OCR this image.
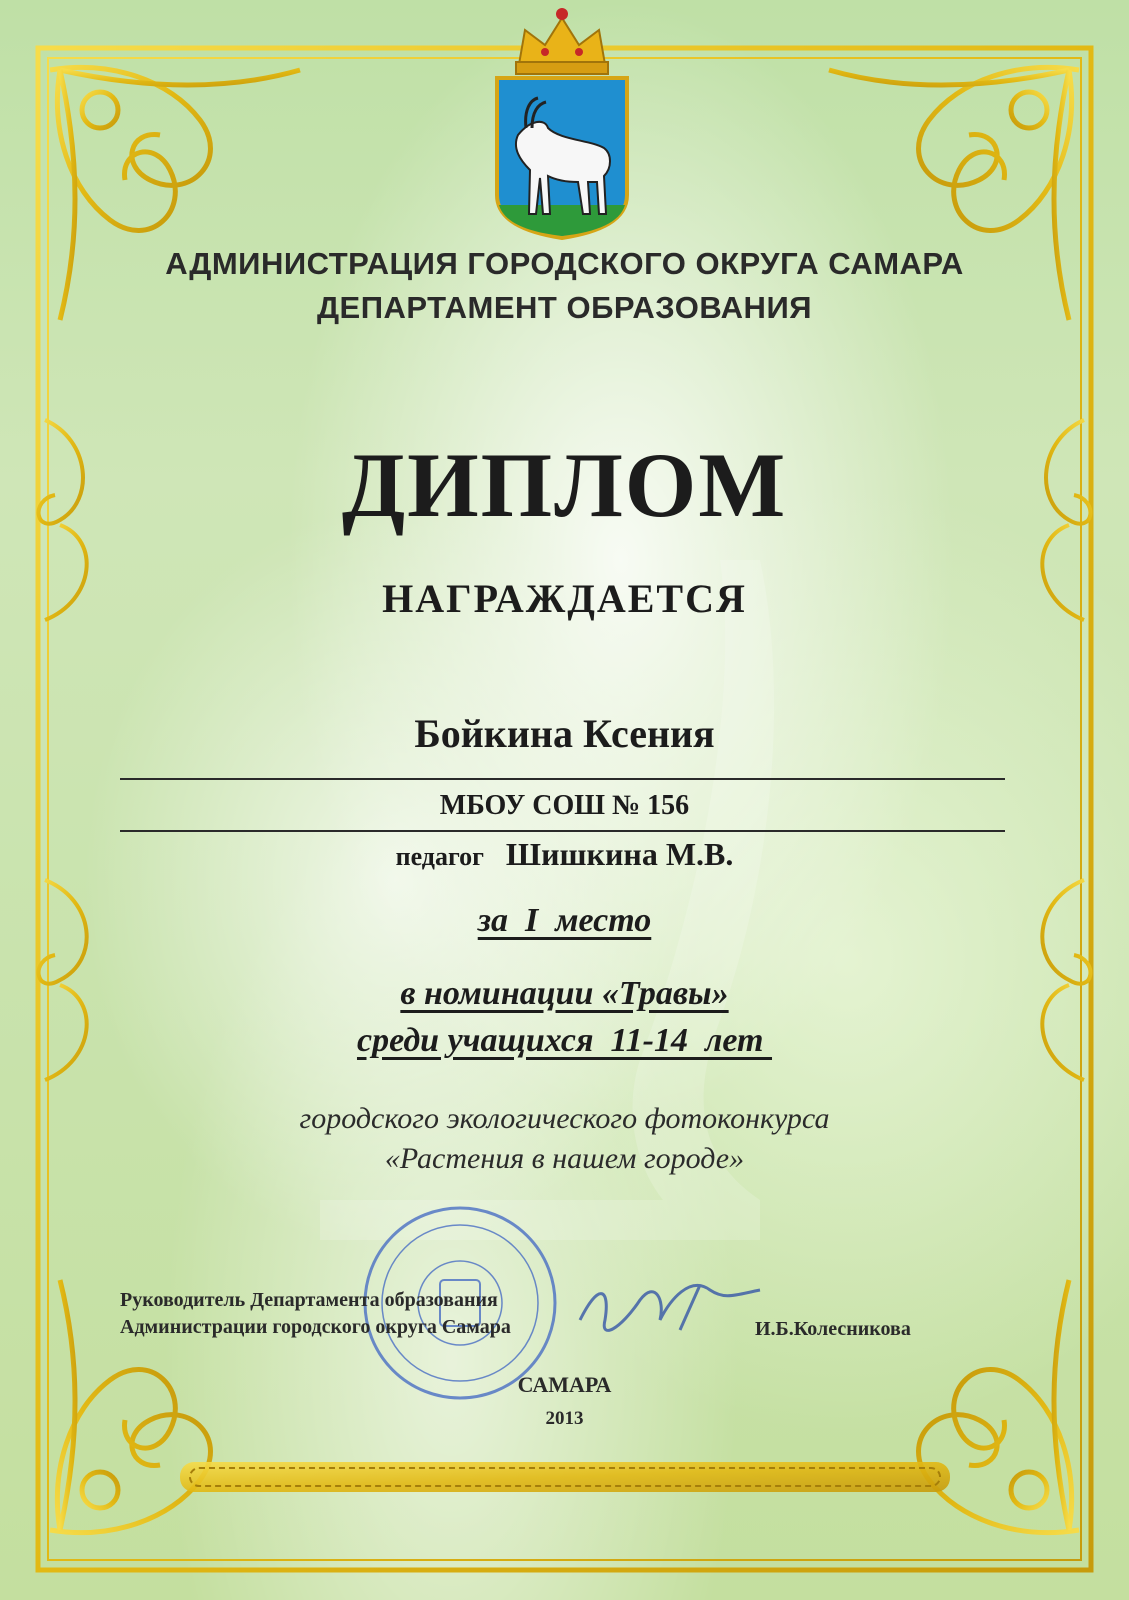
АДМИНИСТРАЦИЯ ГОРОДСКОГО ОКРУГА САМАРА

ДЕПАРТАМЕНТ ОБРАЗОВАНИЯ

ДИПЛОМ

НАГРАЖДАЕТСЯ

Бойкина Ксения

МБОУ СОШ № 156

педагог Шишкина М.В.

за  I  место

в номинации «Травы»

среди учащихся  11-14  лет

городского экологического фотоконкурса

«Растения в нашем городе»

Руководитель Департамента образования
Администрации городского округа Самара	И.Б.Колесникова

САМАРА

2013
